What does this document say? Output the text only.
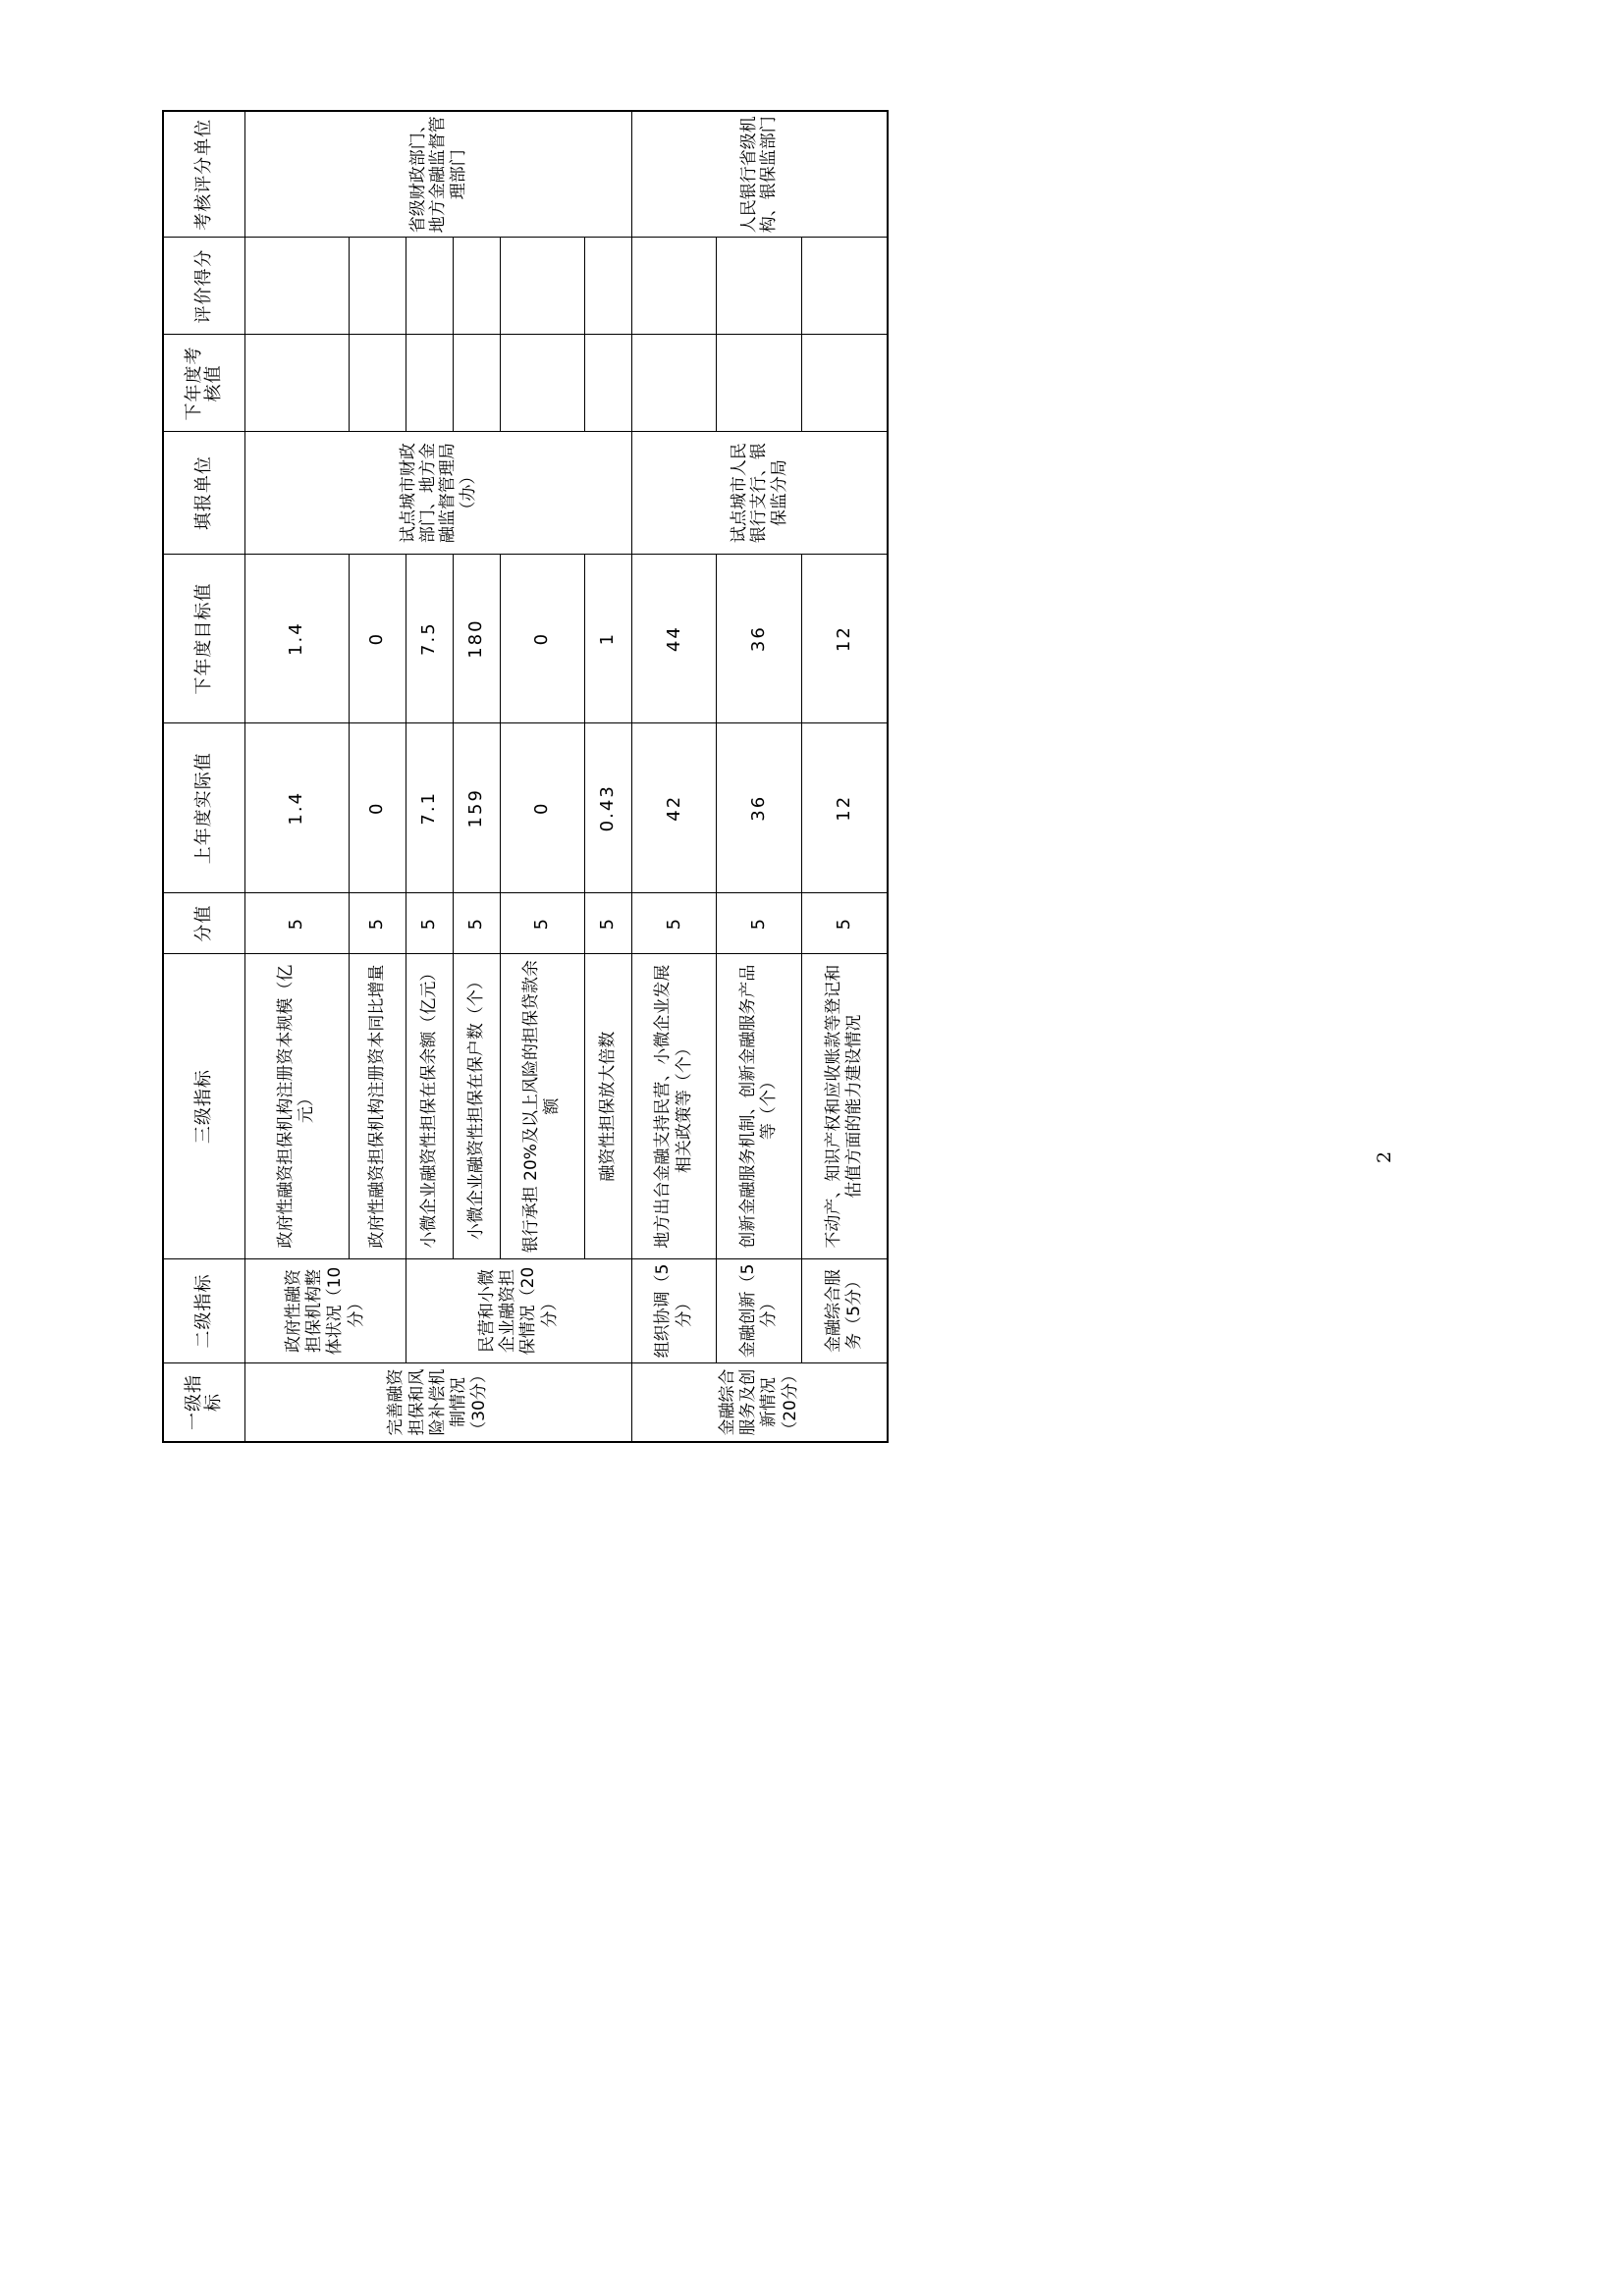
一级指标	二级指标	三级指标	分值	上年度实际值	下年度目标值	填报单位	下年度考核值	评价得分	考核评分单位
完善融资担保和风险补偿机制情况（30分）	政府性融资担保机构整体状况（10分）	政府性融资担保机构注册资本规模（亿元）	5	1.4	1.4	试点城市财政部门、地方金融监督管理局（办）			省级财政部门、地方金融监督管理部门
		政府性融资担保机构注册资本同比增量	5	0	0				
	民营和小微企业融资担保情况（20分）	小微企业融资性担保在保余额（亿元）	5	7.1	7.5				
		小微企业融资性担保在保户数（个）	5	159	180				
		银行承担 20%及以上风险的担保贷款余额	5	0	0				
		融资性担保放大倍数	5	0.43	1				
金融综合服务及创新情况（20分）	组织协调（5分）	地方出台金融支持民营、小微企业发展相关政策等（个）	5	42	44	试点城市人民银行支行、银保监分局			人民银行省级机构、银保监部门
	金融创新（5分）	创新金融服务机制、创新金融服务产品等（个）	5	36	36				
	金融综合服务（5分）	不动产、知识产权和应收账款等登记和估值方面的能力建设情况	5	12	12				
2
